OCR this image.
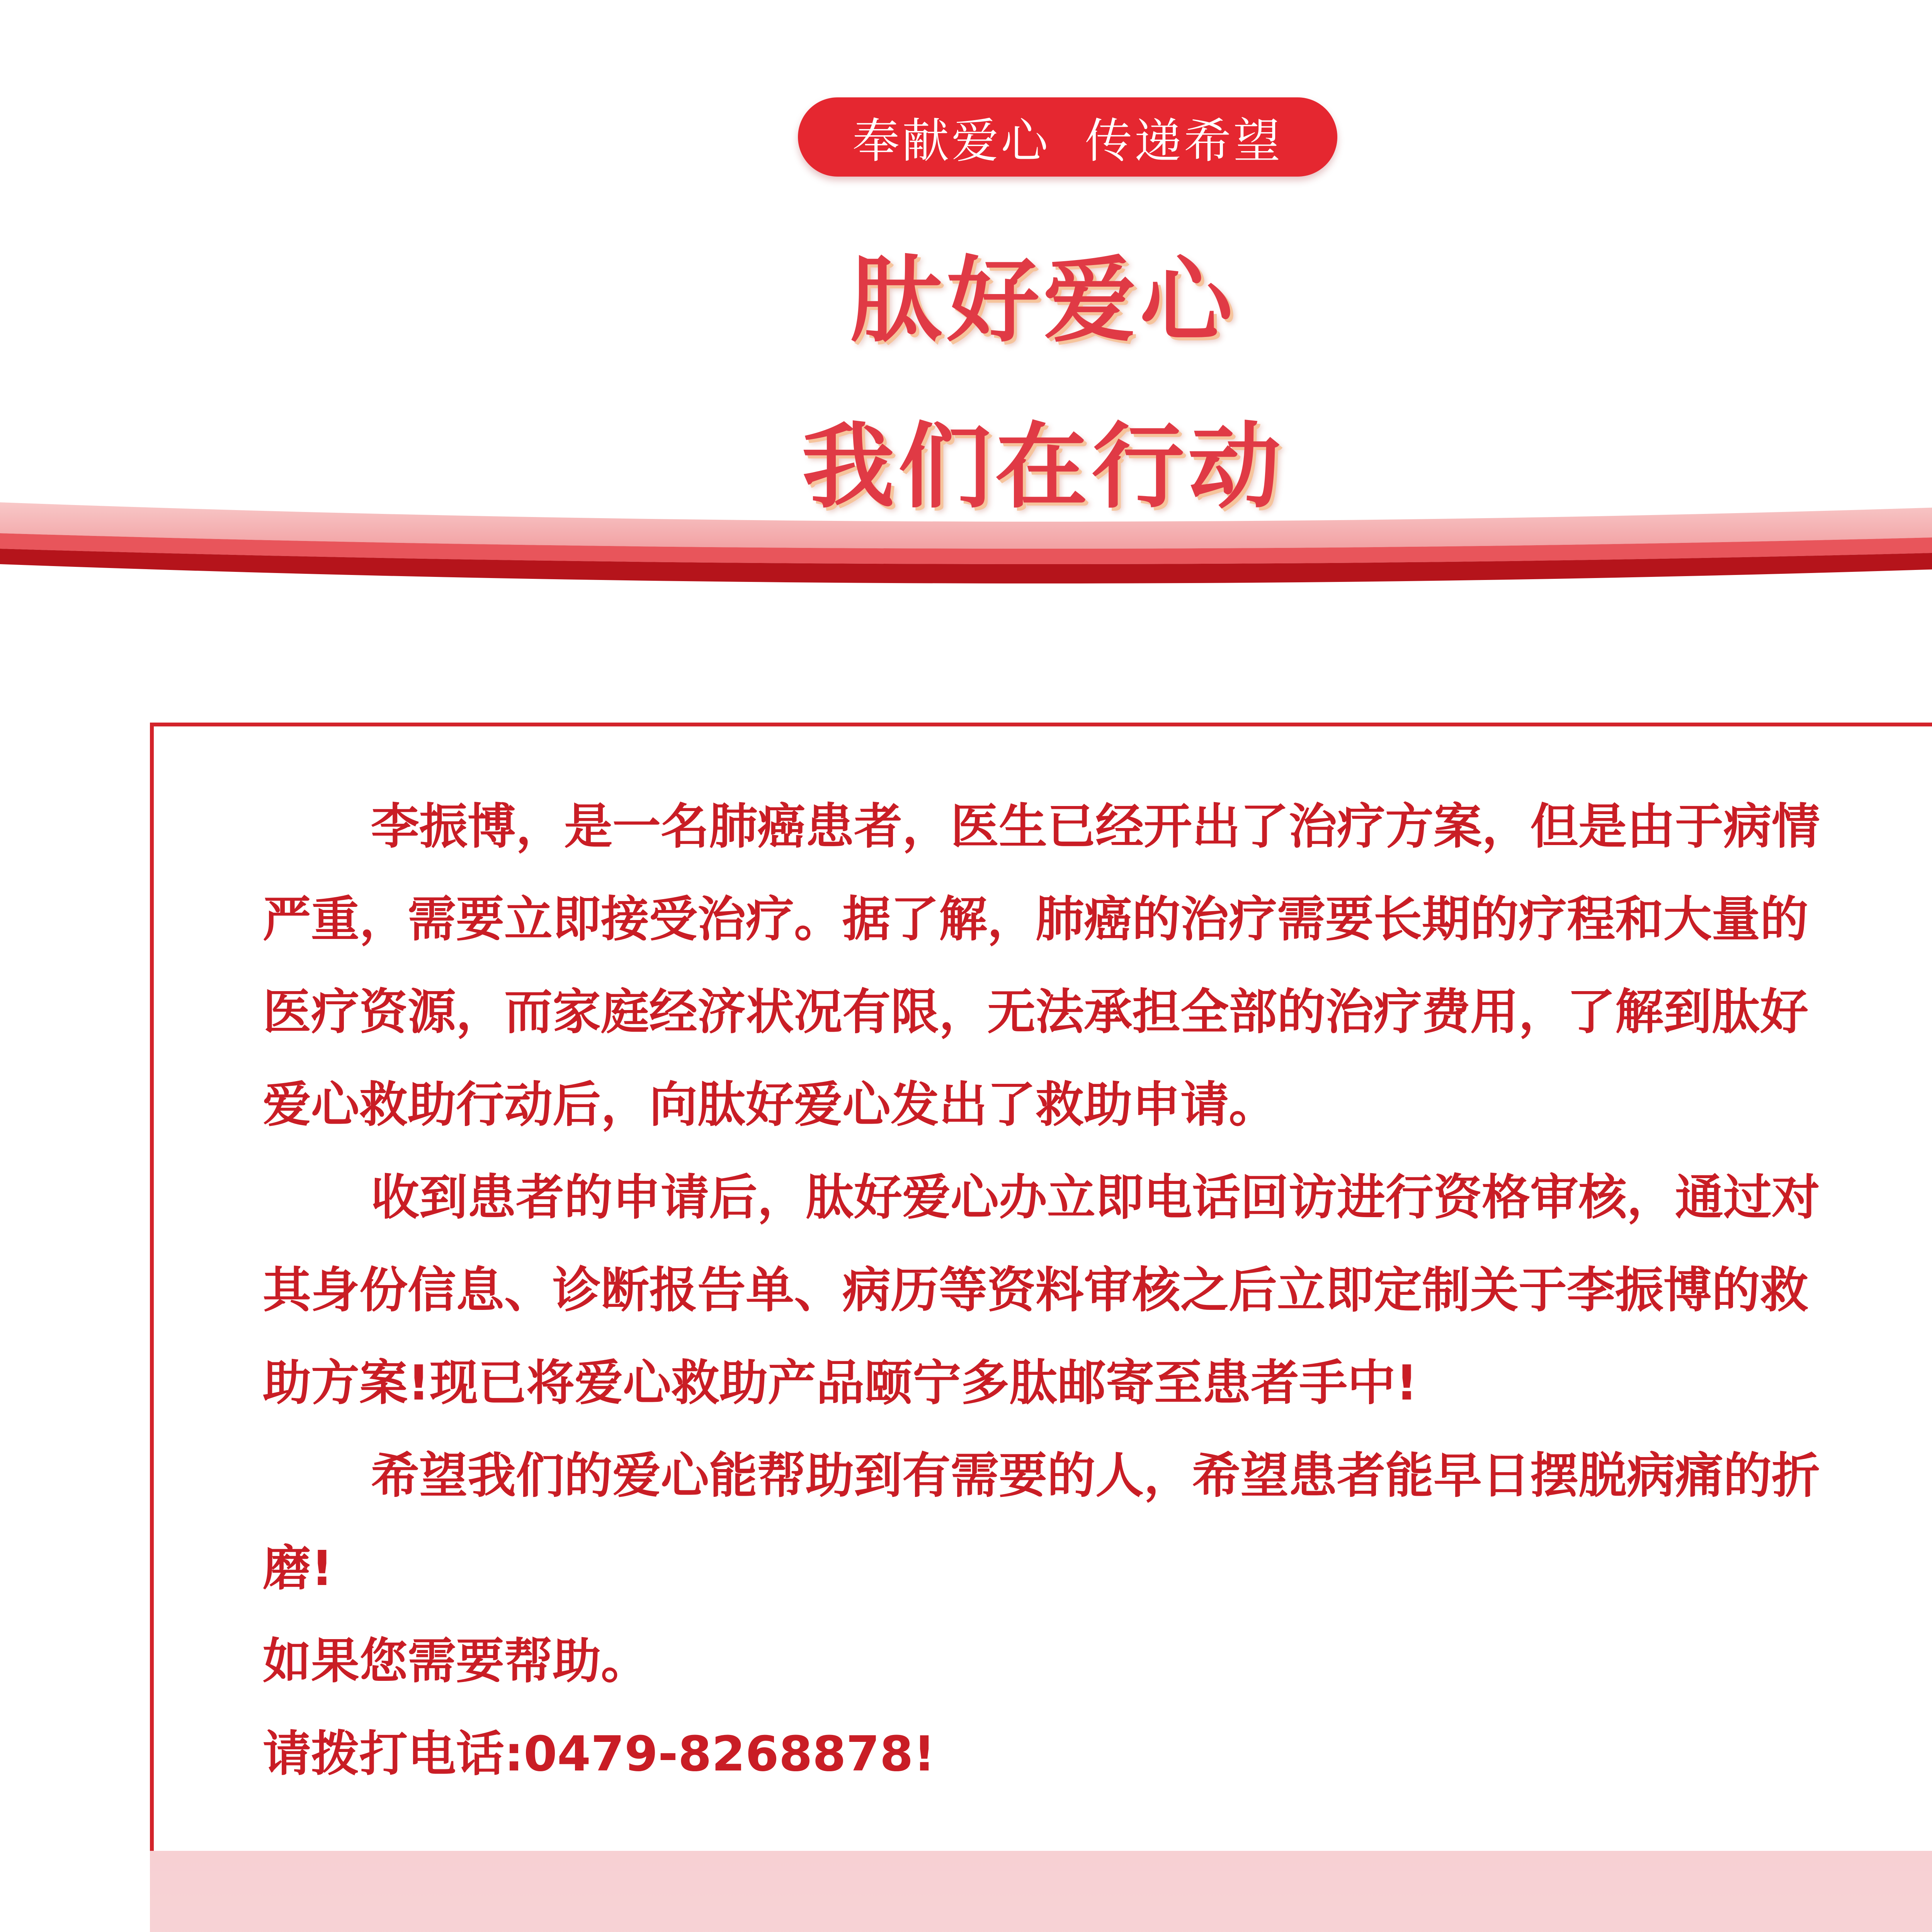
奉献爱心  传递希望
肽好爱心
我们在行动

李振博，是一名肺癌患者，医生已经开出了治疗方案，但是由于病情严重，需要立即接受治疗。据了解，肺癌的治疗需要长期的疗程和大量的医疗资源，而家庭经济状况有限，无法承担全部的治疗费用，了解到肽好爱心救助行动后，向肽好爱心发出了救助申请。

收到患者的申请后，肽好爱心办立即电话回访进行资格审核，通过对其身份信息、诊断报告单、病历等资料审核之后立即定制关于李振博的救助方案!现已将爱心救助产品颐宁多肽邮寄至患者手中!

希望我们的爱心能帮助到有需要的人，希望患者能早日摆脱病痛的折磨!

如果您需要帮助。

请拨打电话:0479-8268878!
